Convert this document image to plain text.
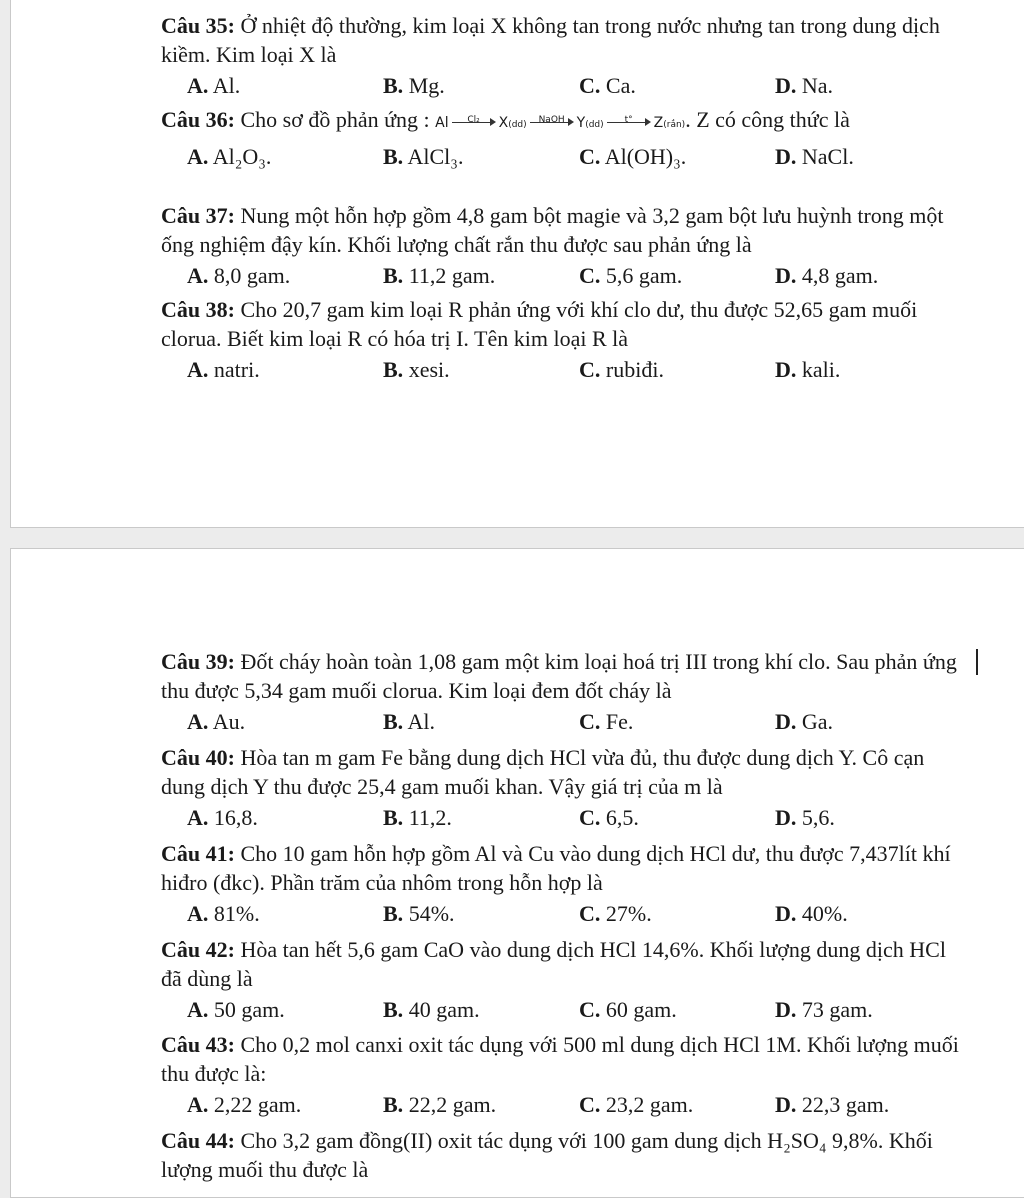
Câu 35: Ở nhiệt độ thường, kim loại X không tan trong nước nhưng tan trong dung dịch kiềm. Kim loại X là

A. Al.	B. Mg.	C. Ca.	D. Na.

Câu 36: Cho sơ đồ phản ứng : Al	Cl₂	X (dd)	NaOH Y (dd)	t°	Z (rắn) . Z có công thức là

A. Al₂O₃.	B. AlCl₃.	C. Al(OH)₃.	D. NaCl.

Câu 37: Nung một hỗn hợp gồm 4,8 gam bột magie và 3,2 gam bột lưu huỳnh trong một ống nghiệm đậy kín. Khối lượng chất rắn thu được sau phản ứng là

A. 8,0 gam.	B. 11,2 gam.	C. 5,6 gam.	D. 4,8 gam.

Câu 38: Cho 20,7 gam kim loại R phản ứng với khí clo dư, thu được 52,65 gam muối clorua. Biết kim loại R có hóa trị I. Tên kim loại R là

A. natri.	B. xesi.	C. rubiđi.	D. kali.

Câu 39: Đốt cháy hoàn toàn 1,08 gam một kim loại hoá trị III trong khí clo. Sau phản ứng thu được 5,34 gam muối clorua. Kim loại đem đốt cháy là

A. Au.	B. Al.	C. Fe.	D. Ga.

Câu 40: Hòa tan m gam Fe bằng dung dịch HCl vừa đủ, thu được dung dịch Y. Cô cạn dung dịch Y thu được 25,4 gam muối khan. Vậy giá trị của m là

A. 16,8.	B. 11,2.	C. 6,5.	D. 5,6.

Câu 41: Cho 10 gam hỗn hợp gồm Al và Cu vào dung dịch HCl dư, thu được 7,437lít khí hiđro (đkc). Phần trăm của nhôm trong hỗn hợp là

A. 81%.	B. 54%.	C. 27%.	D. 40%.

Câu 42: Hòa tan hết 5,6 gam CaO vào dung dịch HCl 14,6%. Khối lượng dung dịch HCl đã dùng là

A. 50 gam.	B. 40 gam.	C. 60 gam.	D. 73 gam.

Câu 43: Cho 0,2 mol canxi oxit tác dụng với 500 ml dung dịch HCl 1M. Khối lượng muối thu được là:

A. 2,22 gam.	B. 22,2 gam.	C. 23,2 gam.	D. 22,3 gam.

Câu 44: Cho 3,2 gam đồng(II) oxit tác dụng với 100 gam dung dịch H₂SO₄ 9,8%. Khối lượng muối thu được là
